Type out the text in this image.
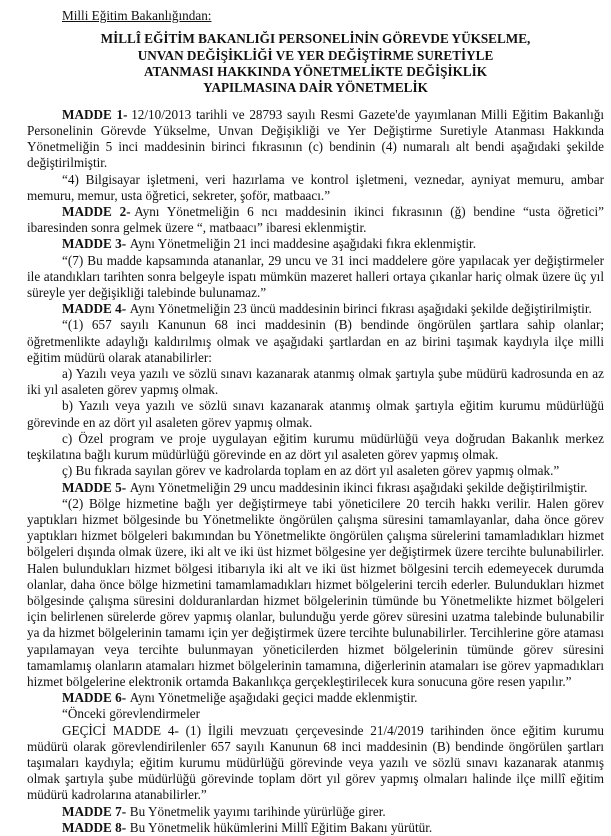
Milli Eğitim Bakanlığından:
MİLLÎ EĞİTİM BAKANLIĞI PERSONELİNİN GÖREVDE YÜKSELME,
UNVAN DEĞİŞİKLİĞİ VE YER DEĞİŞTİRME SURETİYLE
ATANMASI HAKKINDA YÖNETMELİKTE DEĞİŞİKLİK
YAPILMASINA DAİR YÖNETMELİK

MADDE 1- 12/10/2013 tarihli ve 28793 sayılı Resmi Gazete'de yayımlanan Milli Eğitim Bakanlığı Personelinin Görevde Yükselme, Unvan Değişikliği ve Yer Değiştirme Suretiyle Atanması Hakkında Yönetmeliğin 5 inci maddesinin birinci fıkrasının (c) bendinin (4) numaralı alt bendi aşağıdaki şekilde değiştirilmiştir.

“4) Bilgisayar işletmeni, veri hazırlama ve kontrol işletmeni, veznedar, ayniyat memuru, ambar memuru, memur, usta öğretici, sekreter, şoför, matbaacı.”

MADDE 2- Aynı Yönetmeliğin 6 ncı maddesinin ikinci fıkrasının (ğ) bendine “usta öğretici” ibaresinden sonra gelmek üzere “, matbaacı” ibaresi eklenmiştir.

MADDE 3- Aynı Yönetmeliğin 21 inci maddesine aşağıdaki fıkra eklenmiştir.

“(7) Bu madde kapsamında atananlar, 29 uncu ve 31 inci maddelere göre yapılacak yer değiştirmeler ile atandıkları tarihten sonra belgeyle ispatı mümkün mazeret halleri ortaya çıkanlar hariç olmak üzere üç yıl süreyle yer değişikliği talebinde bulunamaz.”

MADDE 4- Aynı Yönetmeliğin 23 üncü maddesinin birinci fıkrası aşağıdaki şekilde değiştirilmiştir.

“(1) 657 sayılı Kanunun 68 inci maddesinin (B) bendinde öngörülen şartlara sahip olanlar; öğretmenlikte adaylığı kaldırılmış olmak ve aşağıdaki şartlardan en az birini taşımak kaydıyla ilçe milli eğitim müdürü olarak atanabilirler:

a) Yazılı veya yazılı ve sözlü sınavı kazanarak atanmış olmak şartıyla şube müdürü kadrosunda en az iki yıl asaleten görev yapmış olmak.

b) Yazılı veya yazılı ve sözlü sınavı kazanarak atanmış olmak şartıyla eğitim kurumu müdürlüğü görevinde en az dört yıl asaleten görev yapmış olmak.

c) Özel program ve proje uygulayan eğitim kurumu müdürlüğü veya doğrudan Bakanlık merkez teşkilatına bağlı kurum müdürlüğü görevinde en az dört yıl asaleten görev yapmış olmak.

ç) Bu fıkrada sayılan görev ve kadrolarda toplam en az dört yıl asaleten görev yapmış olmak.”

MADDE 5- Aynı Yönetmeliğin 29 uncu maddesinin ikinci fıkrası aşağıdaki şekilde değiştirilmiştir.

“(2) Bölge hizmetine bağlı yer değiştirmeye tabi yöneticilere 20 tercih hakkı verilir. Halen görev yaptıkları hizmet bölgesinde bu Yönetmelikte öngörülen çalışma süresini tamamlayanlar, daha önce görev yaptıkları hizmet bölgeleri bakımından bu Yönetmelikte öngörülen çalışma sürelerini tamamladıkları hizmet bölgeleri dışında olmak üzere, iki alt ve iki üst hizmet bölgesine yer değiştirmek üzere tercihte bulunabilirler. Halen bulundukları hizmet bölgesi itibarıyla iki alt ve iki üst hizmet bölgesini tercih edemeyecek durumda olanlar, daha önce bölge hizmetini tamamlamadıkları hizmet bölgelerini tercih ederler. Bulundukları hizmet bölgesinde çalışma süresini dolduranlardan hizmet bölgelerinin tümünde bu Yönetmelikte hizmet bölgeleri için belirlenen sürelerde görev yapmış olanlar, bulunduğu yerde görev süresini uzatma talebinde bulunabilir ya da hizmet bölgelerinin tamamı için yer değiştirmek üzere tercihte bulunabilirler. Tercihlerine göre ataması yapılamayan veya tercihte bulunmayan yöneticilerden hizmet bölgelerinin tümünde görev süresini tamamlamış olanların atamaları hizmet bölgelerinin tamamına, diğerlerinin atamaları ise görev yapmadıkları hizmet bölgelerine elektronik ortamda Bakanlıkça gerçekleştirilecek kura sonucuna göre resen yapılır.”

MADDE 6- Aynı Yönetmeliğe aşağıdaki geçici madde eklenmiştir.

“Önceki görevlendirmeler

GEÇİCİ MADDE 4- (1) İlgili mevzuatı çerçevesinde 21/4/2019 tarihinden önce eğitim kurumu müdürü olarak görevlendirilenler 657 sayılı Kanunun 68 inci maddesinin (B) bendinde öngörülen şartları taşımaları kaydıyla; eğitim kurumu müdürlüğü görevinde veya yazılı ve sözlü sınavı kazanarak atanmış olmak şartıyla şube müdürlüğü görevinde toplam dört yıl görev yapmış olmaları halinde ilçe millî eğitim müdürü kadrolarına atanabilirler.”

MADDE 7- Bu Yönetmelik yayımı tarihinde yürürlüğe girer.

MADDE 8- Bu Yönetmelik hükümlerini Millî Eğitim Bakanı yürütür.
